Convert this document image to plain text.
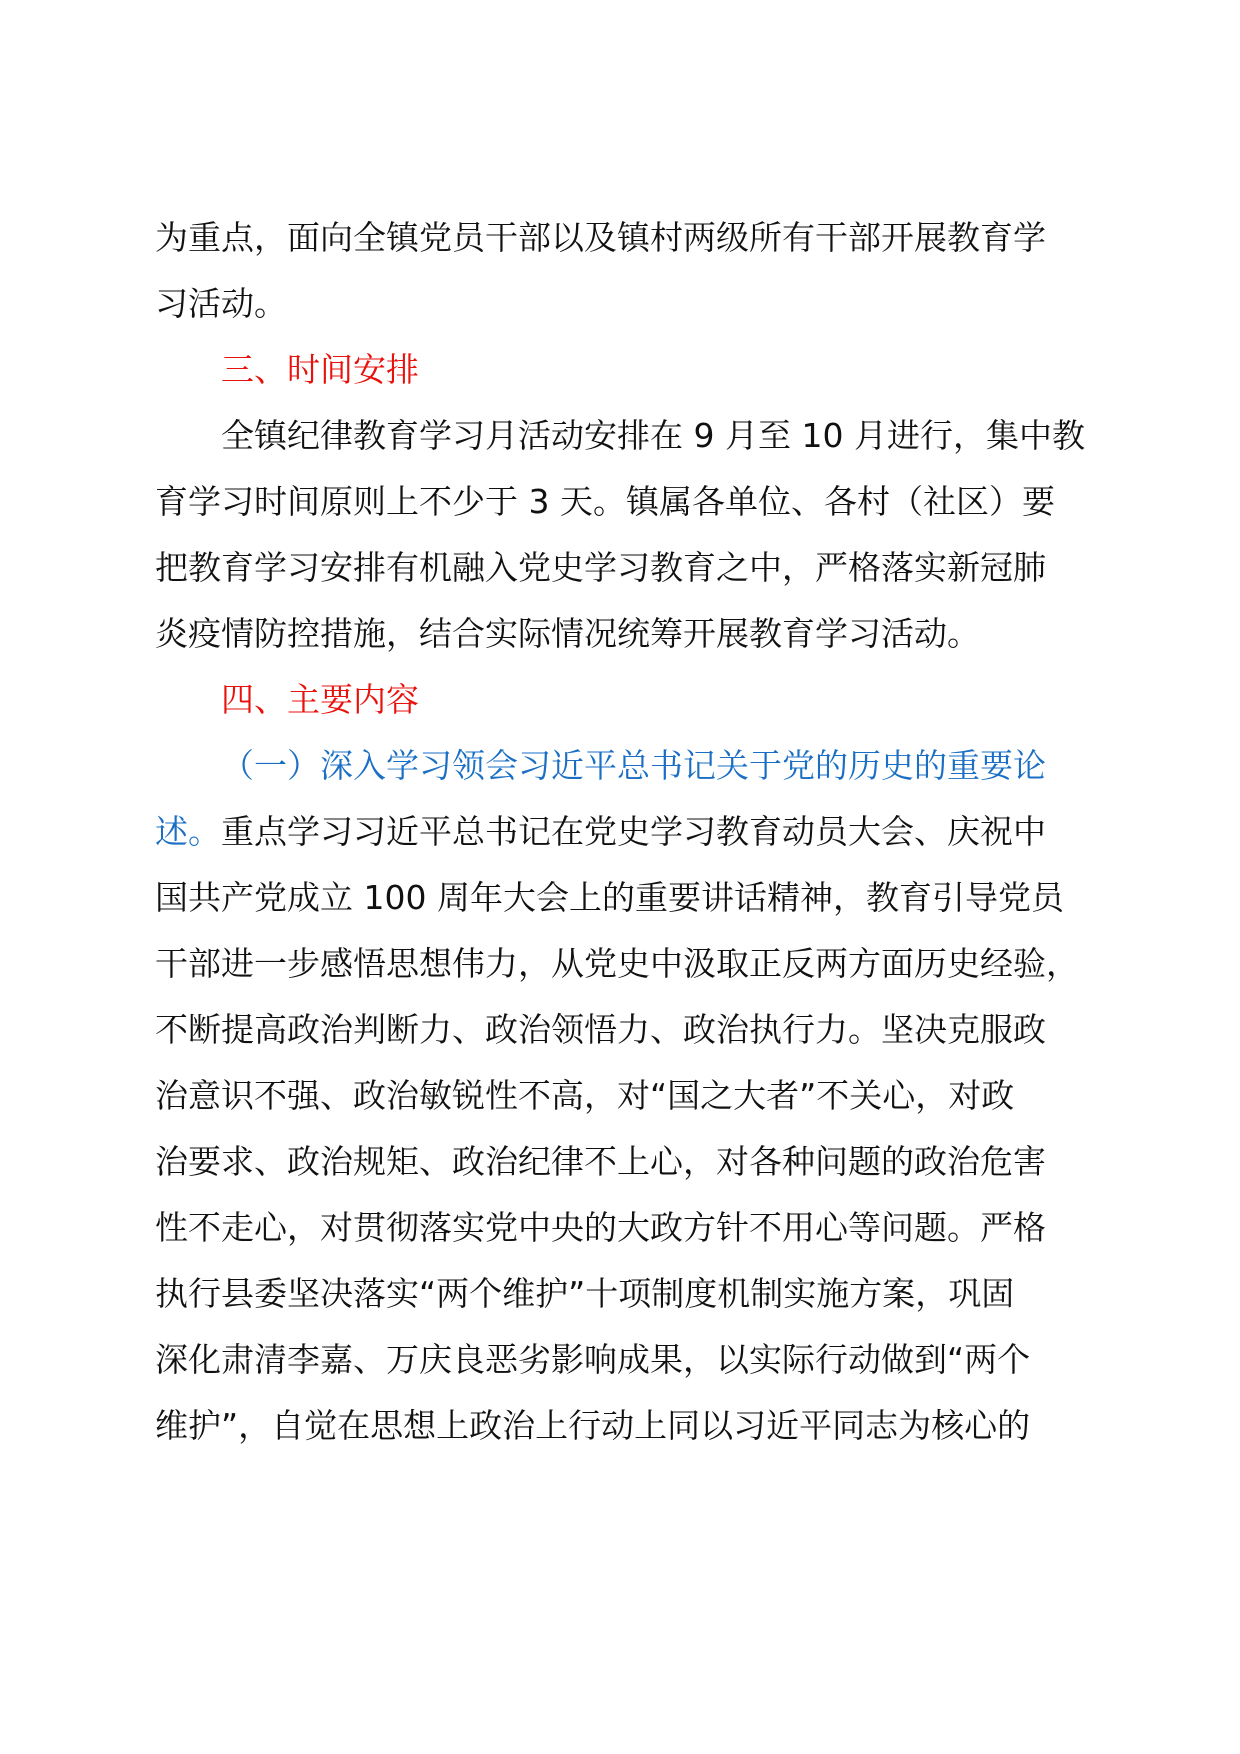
为重点，面向全镇党员干部以及镇村两级所有干部开展教育学
习活动。
三、时间安排
全镇纪律教育学习月活动安排在 9 月至 10 月进行，集中教
育学习时间原则上不少于 3 天。镇属各单位、各村（社区）要
把教育学习安排有机融入党史学习教育之中，严格落实新冠肺
炎疫情防控措施，结合实际情况统筹开展教育学习活动。
四、主要内容
（一）深入学习领会习近平总书记关于党的历史的重要论
述。重点学习习近平总书记在党史学习教育动员大会、庆祝中
国共产党成立 100 周年大会上的重要讲话精神，教育引导党员
干部进一步感悟思想伟力，从党史中汲取正反两方面历史经验，
不断提高政治判断力、政治领悟力、政治执行力。坚决克服政
治意识不强、政治敏锐性不高，对“国之大者”不关心，对政
治要求、政治规矩、政治纪律不上心，对各种问题的政治危害
性不走心，对贯彻落实党中央的大政方针不用心等问题。严格
执行县委坚决落实“两个维护”十项制度机制实施方案，巩固
深化肃清李嘉、万庆良恶劣影响成果，以实际行动做到“两个
维护”，自觉在思想上政治上行动上同以习近平同志为核心的
